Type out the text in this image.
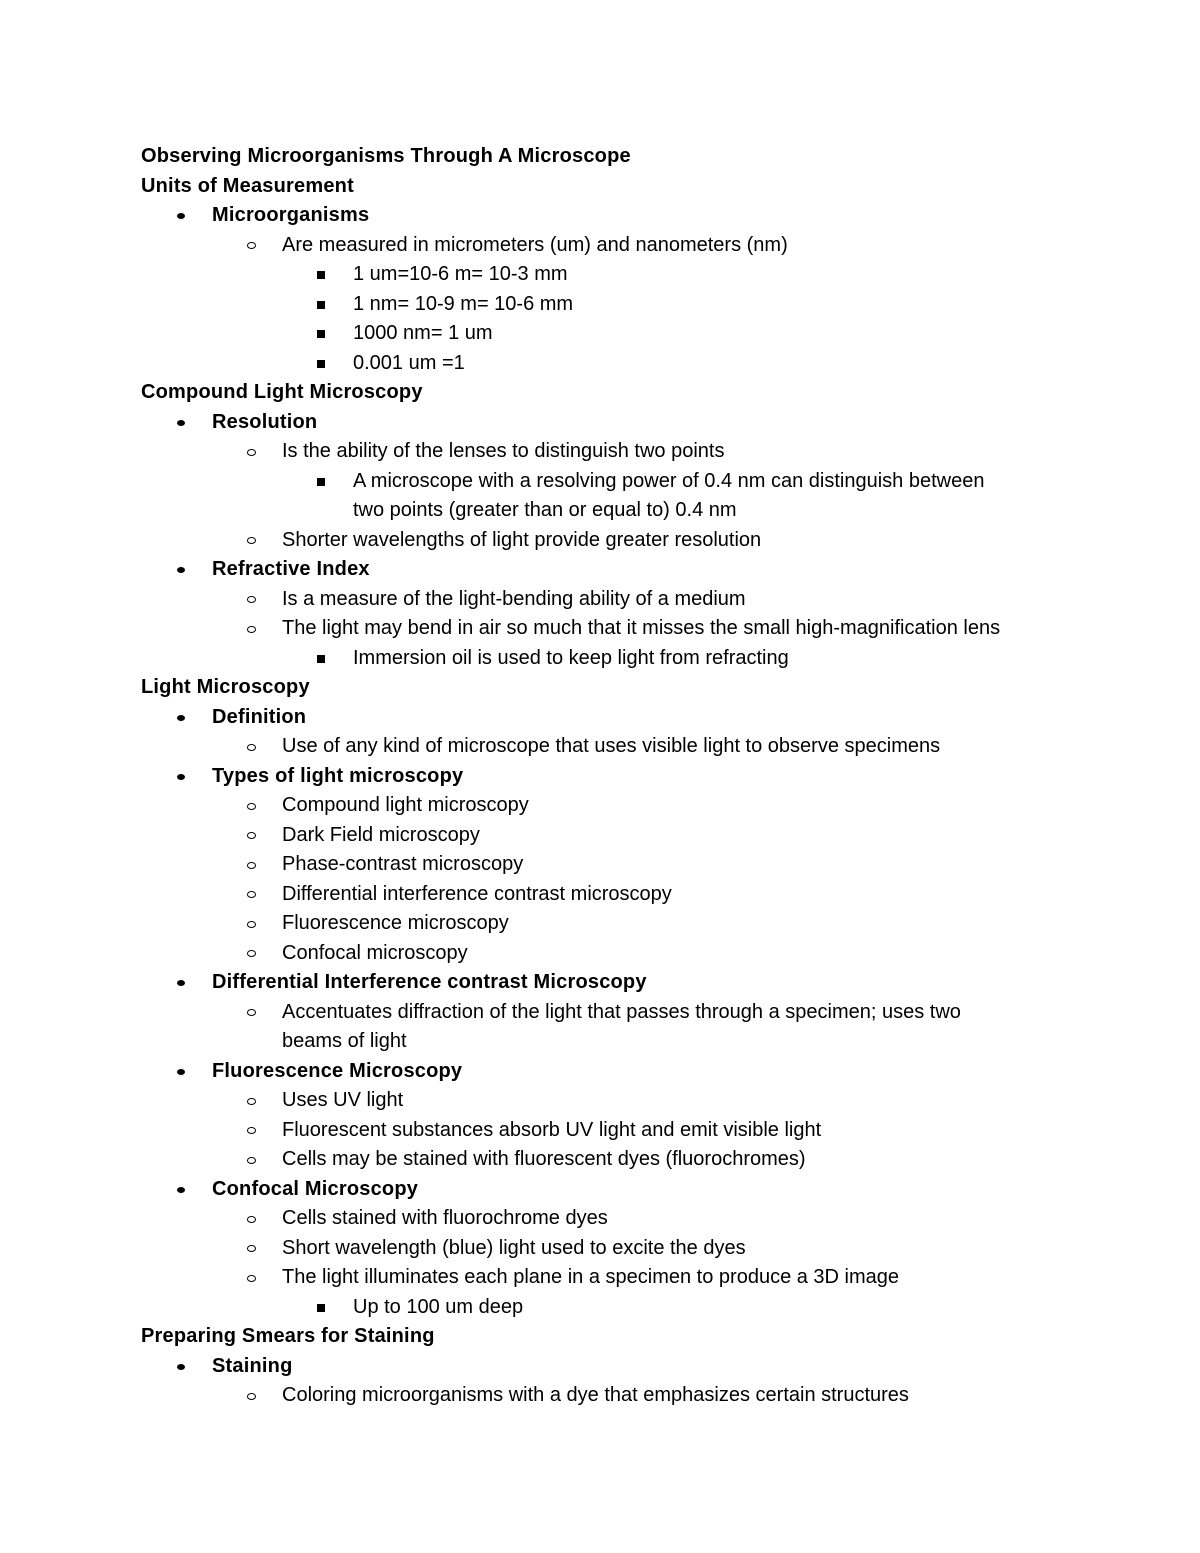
Observing Microorganisms Through A Microscope
Units of Measurement
Microorganisms
Are measured in micrometers (um) and nanometers (nm)
1 um=10-6 m= 10-3 mm
1 nm= 10-9 m= 10-6 mm
1000 nm= 1 um
0.001 um =1
Compound Light Microscopy
Resolution
Is the ability of the lenses to distinguish two points
A microscope with a resolving power of 0.4 nm can distinguish between
two points (greater than or equal to) 0.4 nm
Shorter wavelengths of light provide greater resolution
Refractive Index
Is a measure of the light-bending ability of a medium
The light may bend in air so much that it misses the small high-magnification lens
Immersion oil is used to keep light from refracting
Light Microscopy
Definition
Use of any kind of microscope that uses visible light to observe specimens
Types of light microscopy
Compound light microscopy
Dark Field microscopy
Phase-contrast microscopy
Differential interference contrast microscopy
Fluorescence microscopy
Confocal microscopy
Differential Interference contrast Microscopy
Accentuates diffraction of the light that passes through a specimen; uses two
beams of light
Fluorescence Microscopy
Uses UV light
Fluorescent substances absorb UV light and emit visible light
Cells may be stained with fluorescent dyes (fluorochromes)
Confocal Microscopy
Cells stained with fluorochrome dyes
Short wavelength (blue) light used to excite the dyes
The light illuminates each plane in a specimen to produce a 3D image
Up to 100 um deep
Preparing Smears for Staining
Staining
Coloring microorganisms with a dye that emphasizes certain structures
